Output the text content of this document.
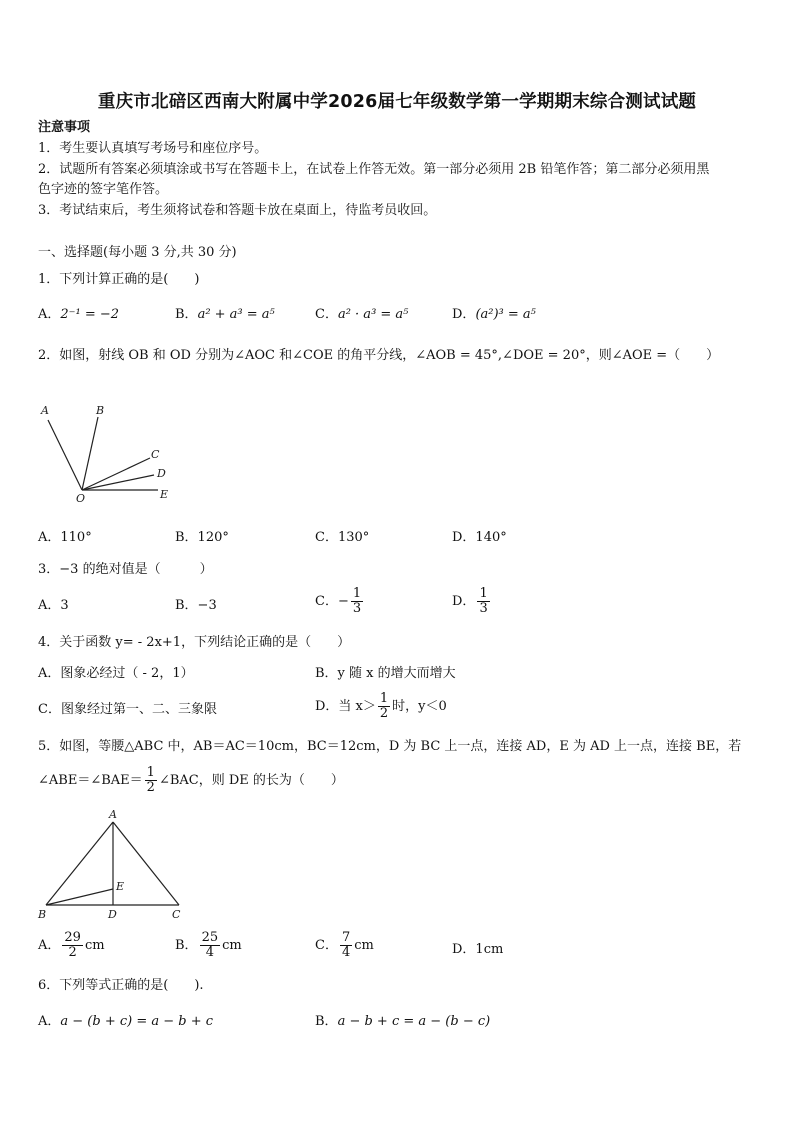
重庆市北碚区西南大附属中学2026届七年级数学第一学期期末综合测试试题
注意事项
1．考生要认真填写考场号和座位序号。
2．试题所有答案必须填涂或书写在答题卡上，在试卷上作答无效。第一部分必须用 2B 铅笔作答；第二部分必须用黑
色字迹的签字笔作答。
3．考试结束后，考生须将试卷和答题卡放在桌面上，待监考员收回。
一、选择题(每小题 3 分,共 30 分)
1．下列计算正确的是(　　)
A．2⁻¹ = −2	B．a² + a³ = a⁵	C．a² · a³ = a⁵	D．(a²)³ = a⁵
2．如图，射线 OB 和 OD 分别为∠AOC 和∠COE 的角平分线，∠AOB = 45°,∠DOE = 20°，则∠AOE =（　　）
A	B
C
D
O	E
A．110°	B．120°	C．130°	D．140°
3．−3 的绝对值是（　　　）
A．3	B．−3	C．− $\frac{1}{3}$	D． $\frac{1}{3}$
4．关于函数 y= - 2x+1，下列结论正确的是（　　）
A．图象必经过（ - 2，1）	B．y 随 x 的增大而增大
C．图象经过第一、二、三象限	D．当 $x> \frac{1}{2}$ 时，y＜0
5．如图，等腰△ABC 中，AB＝AC＝10cm，BC＝12cm，D 为 BC 上一点，连接 AD，E 为 AD 上一点，连接 BE，若
∠ABE＝∠BAE＝ $\frac{1}{2}$ ∠BAC，则 DE 的长为（　　）
A
B	C
D
E
A． $\frac{29}{2}$ cm	B． $\frac{25}{4}$ cm	C． $\frac{7}{4}$ cm	D．1cm
6．下列等式正确的是(　　).
A．a − (b + c) = a − b + c	B．a − b + c = a − (b − c)
